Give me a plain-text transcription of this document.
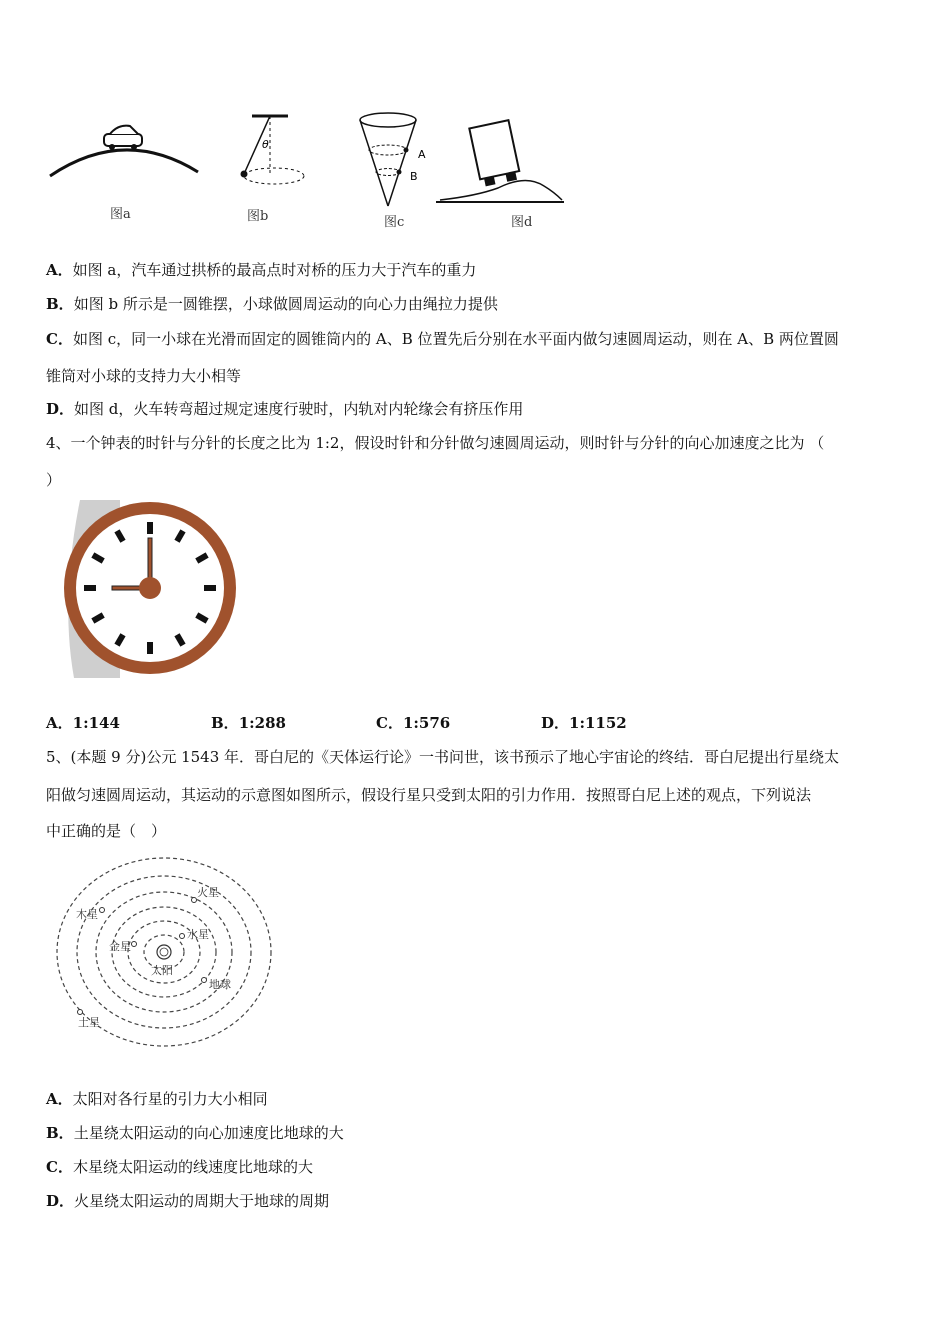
图a
θ
图b
A
B
图c	图d
A．如图 a，汽车通过拱桥的最高点时对桥的压力大于汽车的重力
B．如图 b 所示是一圆锥摆，小球做圆周运动的向心力由绳拉力提供
C．如图 c，同一小球在光滑而固定的圆锥筒内的 A、B 位置先后分别在水平面内做匀速圆周运动，则在 A、B 两位置圆
锥筒对小球的支持力大小相等
D．如图 d，火车转弯超过规定速度行驶时，内轨对内轮缘会有挤压作用
4、一个钟表的时针与分针的长度之比为 1:2，假设时针和分针做匀速圆周运动，则时针与分针的向心加速度之比为 （
）
A．1:144	B．1:288	C．1:576	D．1:1152
5、(本题 9 分)公元 1543 年．哥白尼的《天体运行论》一书问世，该书预示了地心宇宙论的终结．哥白尼提出行星绕太
阳做匀速圆周运动，其运动的示意图如图所示，假设行星只受到太阳的引力作用．按照哥白尼上述的观点，下列说法
中正确的是（　）
太阳
水星
金星
地球
火星
木星
土星
A．太阳对各行星的引力大小相同
B．土星绕太阳运动的向心加速度比地球的大
C．木星绕太阳运动的线速度比地球的大
D．火星绕太阳运动的周期大于地球的周期
